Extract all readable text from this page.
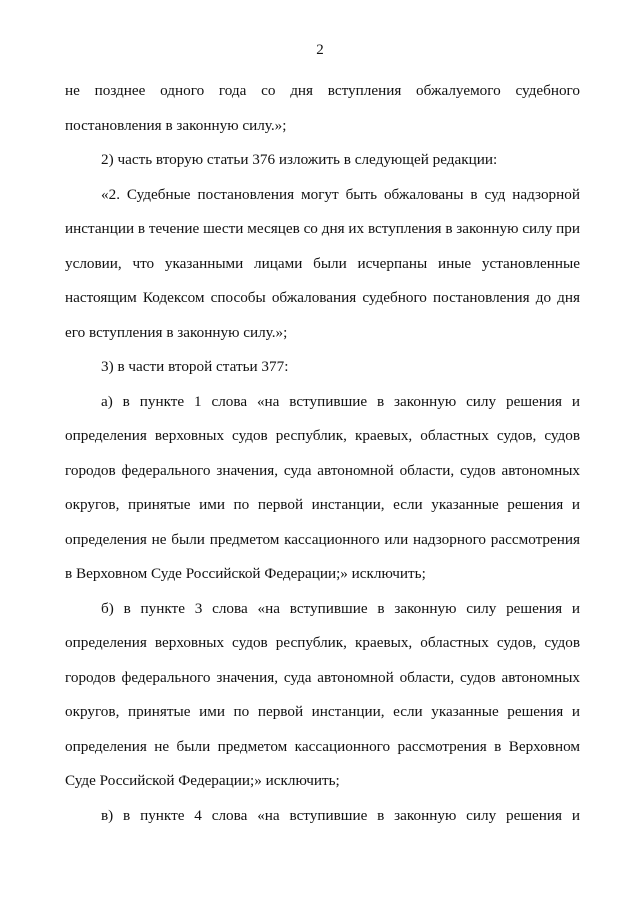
2

не позднее одного года со дня вступления обжалуемого судебного постановления в законную силу.»;

2) часть вторую статьи 376 изложить в следующей редакции:

«2. Судебные постановления могут быть обжалованы в суд надзорной инстанции в течение шести месяцев со дня их вступления в законную силу при условии, что указанными лицами были исчерпаны иные установленные настоящим Кодексом способы обжалования судебного постановления до дня его вступления в законную силу.»;

3) в части второй статьи 377:

а) в пункте 1 слова «на вступившие в законную силу решения и определения верховных судов республик, краевых, областных судов, судов городов федерального значения, суда автономной области, судов автономных округов, принятые ими по первой инстанции, если указанные решения и определения не были предметом кассационного или надзорного рассмотрения в Верховном Суде Российской Федерации;» исключить;

б) в пункте 3 слова «на вступившие в законную силу решения и определения верховных судов республик, краевых, областных судов, судов городов федерального значения, суда автономной области, судов автономных округов, принятые ими по первой инстанции, если указанные решения и определения не были предметом кассационного рассмотрения в Верховном Суде Российской Федерации;» исключить;

в) в пункте 4 слова «на вступившие в законную силу решения и
